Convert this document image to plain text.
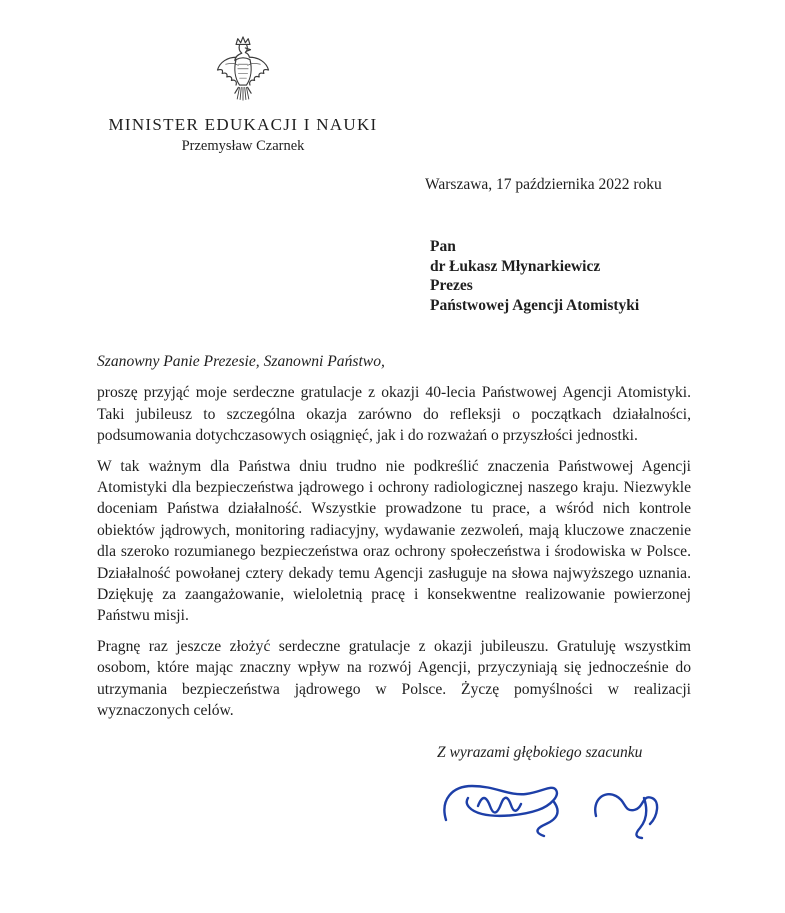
MINISTER EDUKACJI I NAUKI
Przemysław Czarnek
Warszawa, 17 października 2022 roku
Pan
dr Łukasz Młynarkiewicz
Prezes
Państwowej Agencji Atomistyki

Szanowny Panie Prezesie, Szanowni Państwo,

proszę przyjąć moje serdeczne gratulacje z okazji 40-lecia Państwowej Agencji Atomistyki. Taki jubileusz to szczególna okazja zarówno do refleksji o początkach działalności, podsumowania dotychczasowych osiągnięć, jak i do rozważań o przyszłości jednostki.

W tak ważnym dla Państwa dniu trudno nie podkreślić znaczenia Państwowej Agencji Atomistyki dla bezpieczeństwa jądrowego i ochrony radiologicznej naszego kraju. Niezwykle doceniam Państwa działalność. Wszystkie prowadzone tu prace, a wśród nich kontrole obiektów jądrowych, monitoring radiacyjny, wydawanie zezwoleń, mają kluczowe znaczenie dla szeroko rozumianego bezpieczeństwa oraz ochrony społeczeństwa i środowiska w Polsce. Działalność powołanej cztery dekady temu Agencji zasługuje na słowa najwyższego uznania. Dziękuję za zaangażowanie, wieloletnią pracę i konsekwentne realizowanie powierzonej Państwu misji.

Pragnę raz jeszcze złożyć serdeczne gratulacje z okazji jubileuszu. Gratuluję wszystkim osobom, które mając znaczny wpływ na rozwój Agencji, przyczyniają się jednocześnie do utrzymania bezpieczeństwa jądrowego w Polsce. Życzę pomyślności w realizacji wyznaczonych celów.

Z wyrazami głębokiego szacunku
